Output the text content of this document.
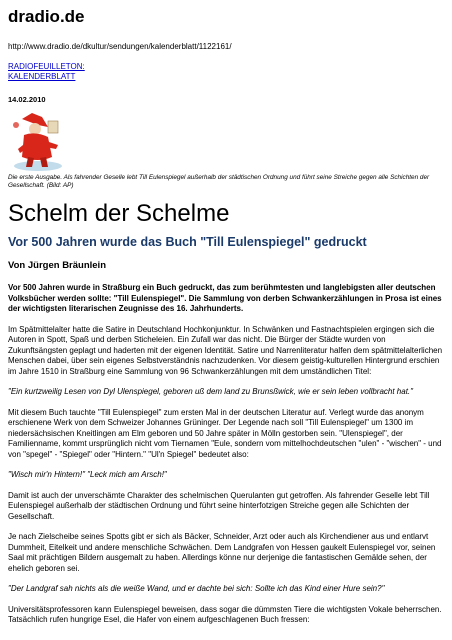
dradio.de
http://www.dradio.de/dkultur/sendungen/kalenderblatt/1122161/
RADIOFEUILLETON:
KALENDERBLATT
14.02.2010
Die erste Ausgabe. Als fahrender Geselle lebt Till Eulenspiegel außerhalb der städtischen Ordnung und führt seine Streiche gegen alle Schichten der Gesellschaft. (Bild: AP)
Schelm der Schelme
Vor 500 Jahren wurde das Buch "Till Eulenspiegel" gedruckt
Von Jürgen Bräunlein
Vor 500 Jahren wurde in Straßburg ein Buch gedruckt, das zum berühmtesten und langlebigsten aller deutschen Volksbücher werden sollte: "Till Eulenspiegel". Die Sammlung von derben Schwankerzählungen in Prosa ist eines der wichtigsten literarischen Zeugnisse des 16. Jahrhunderts.
Im Spätmittelalter hatte die Satire in Deutschland Hochkonjunktur. In Schwänken und Fastnachtspielen ergingen sich die Autoren in Spott, Spaß und derben Sticheleien. Ein Zufall war das nicht. Die Bürger der Städte wurden von Zukunftsängsten geplagt und haderten mit der eigenen Identität. Satire und Narrenliteratur halfen dem spätmittelalterlichen Menschen dabei, über sein eigenes Selbstverständnis nachzudenken. Vor diesem geistig-kulturellen Hintergrund erschien im Jahre 1510 in Straßburg eine Sammlung von 96 Schwankerzählungen mit dem umständlichen Titel:
"Ein kurtzweilig Lesen von Dyl Ulenspiegel, geboren uß dem land zu Brunsßwick, wie er sein leben vollbracht hat."
Mit diesem Buch tauchte "Till Eulenspiegel" zum ersten Mal in der deutschen Literatur auf. Verlegt wurde das anonym erschienene Werk von dem Schweizer Johannes Grüninger. Der Legende nach soll "Till Eulenspiegel" um 1300 im niedersächsischen Kneitlingen am Elm geboren und 50 Jahre später in Mölln gestorben sein. "Ulenspiegel", der Familienname, kommt ursprünglich nicht vom Tiernamen "Eule, sondern vom mittelhochdeutschen "ulen" - "wischen" - und von "spegel" - "Spiegel" oder "Hintern." "Ul'n Spiegel" bedeutet also:
"Wisch mir'n Hintern!" "Leck mich am Arsch!"
Damit ist auch der unverschämte Charakter des schelmischen Querulanten gut getroffen. Als fahrender Geselle lebt Till Eulenspiegel außerhalb der städtischen Ordnung und führt seine hinterfotzigen Streiche gegen alle Schichten der Gesellschaft.
Je nach Zielscheibe seines Spotts gibt er sich als Bäcker, Schneider, Arzt oder auch als Kirchendiener aus und entlarvt Dummheit, Eitelkeit und andere menschliche Schwächen. Dem Landgrafen von Hessen gaukelt Eulenspiegel vor, seinen Saal mit prächtigen Bildern ausgemalt zu haben. Allerdings könne nur derjenige die fantastischen Gemälde sehen, der ehelich geboren sei.
"Der Landgraf sah nichts als die weiße Wand, und er dachte bei sich: Sollte ich das Kind einer Hure sein?"
Universitätsprofessoren kann Eulenspiegel beweisen, dass sogar die dümmsten Tiere die wichtigsten Vokale beherrschen. Tatsächlich rufen hungrige Esel, die Hafer von einem aufgeschlagenen Buch fressen:
